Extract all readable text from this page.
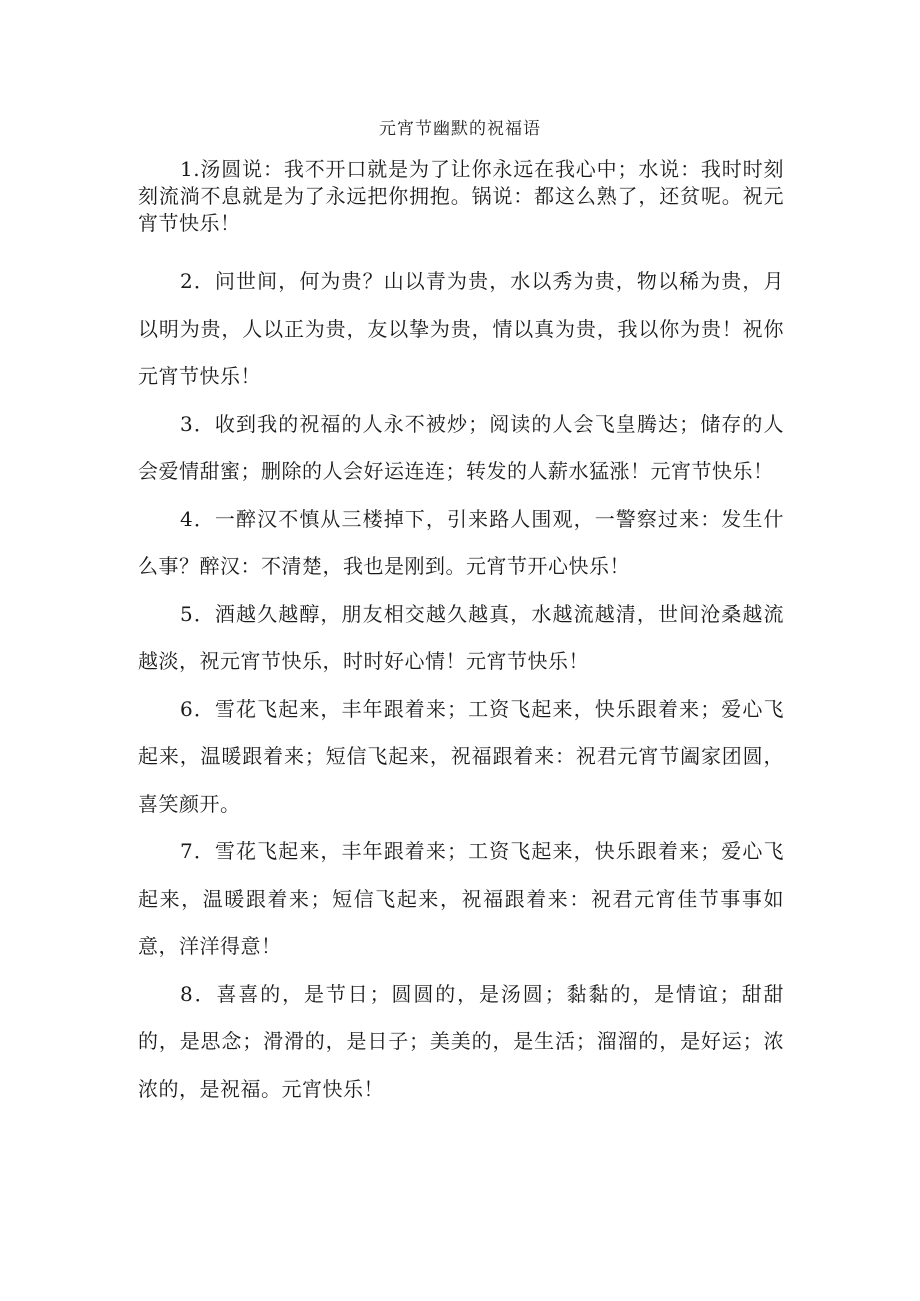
元宵节幽默的祝福语

1.汤圆说：我不开口就是为了让你永远在我心中；水说：我时时刻刻流淌不息就是为了永远把你拥抱。锅说：都这么熟了，还贫呢。祝元宵节快乐！

2．问世间，何为贵？山以青为贵，水以秀为贵，物以稀为贵，月以明为贵，人以正为贵，友以挚为贵，情以真为贵，我以你为贵！祝你元宵节快乐！

3．收到我的祝福的人永不被炒；阅读的人会飞皇腾达；储存的人会爱情甜蜜；删除的人会好运连连；转发的人薪水猛涨！元宵节快乐！

4．一醉汉不慎从三楼掉下，引来路人围观，一警察过来：发生什么事？醉汉：不清楚，我也是刚到。元宵节开心快乐！

5．酒越久越醇，朋友相交越久越真，水越流越清，世间沧桑越流越淡，祝元宵节快乐，时时好心情！元宵节快乐！

6．雪花飞起来，丰年跟着来；工资飞起来，快乐跟着来；爱心飞起来，温暖跟着来；短信飞起来，祝福跟着来：祝君元宵节阖家团圆，喜笑颜开。

7．雪花飞起来，丰年跟着来；工资飞起来，快乐跟着来；爱心飞起来，温暖跟着来；短信飞起来，祝福跟着来：祝君元宵佳节事事如意，洋洋得意！

8．喜喜的，是节日；圆圆的，是汤圆；黏黏的，是情谊；甜甜的，是思念；滑滑的，是日子；美美的，是生活；溜溜的，是好运；浓浓的，是祝福。元宵快乐！
